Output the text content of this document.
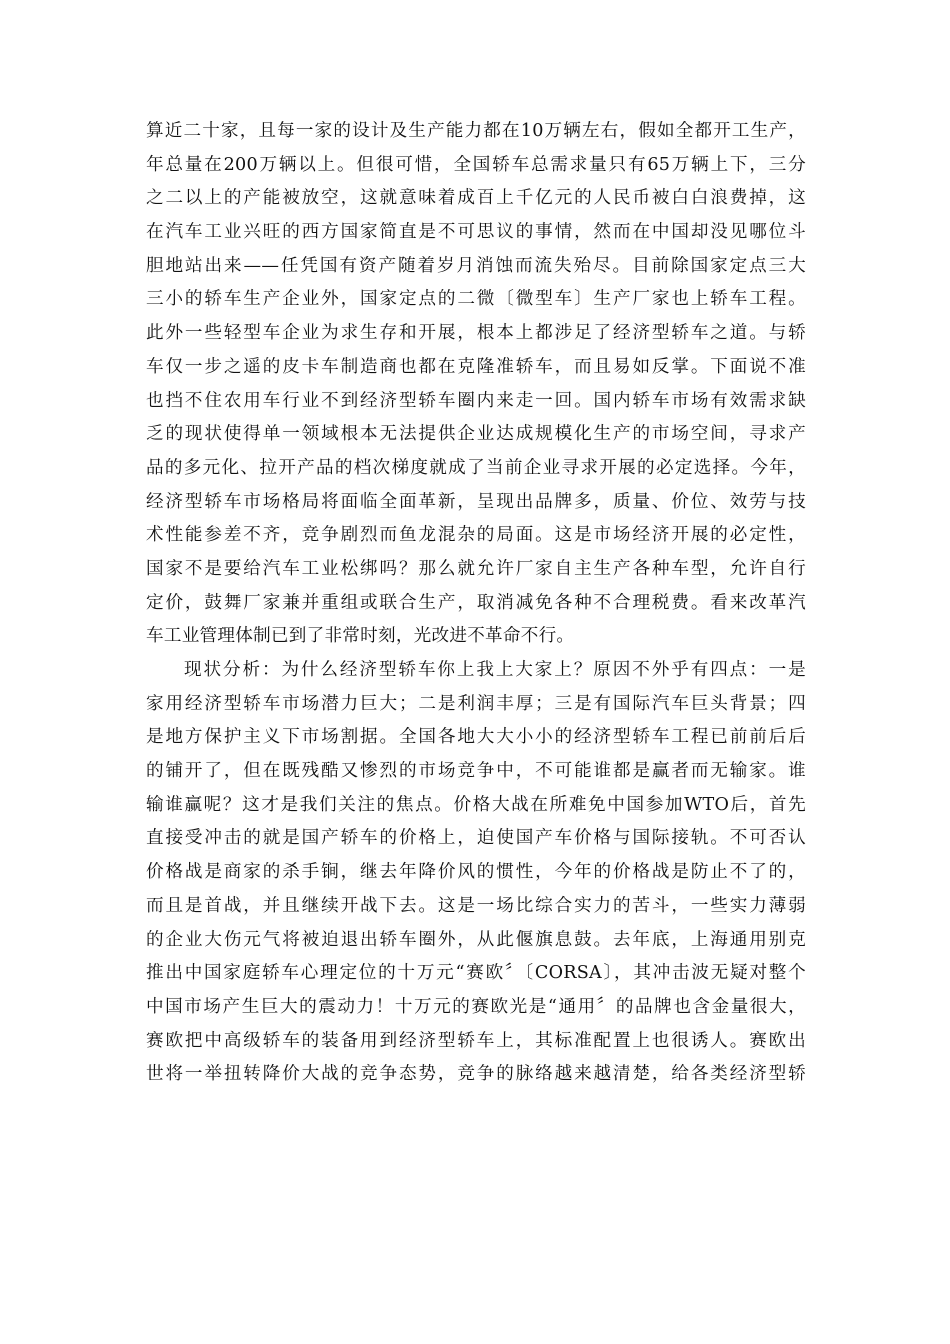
算近二十家，且每一家的设计及生产能力都在10万辆左右，假如全都开工生产，
年总量在200万辆以上。但很可惜，全国轿车总需求量只有65万辆上下，三分
之二以上的产能被放空，这就意味着成百上千亿元的人民币被白白浪费掉，这
在汽车工业兴旺的西方国家简直是不可思议的事情，然而在中国却没见哪位斗
胆地站出来——任凭国有资产随着岁月消蚀而流失殆尽。目前除国家定点三大
三小的轿车生产企业外，国家定点的二微〔微型车〕生产厂家也上轿车工程。
此外一些轻型车企业为求生存和开展，根本上都涉足了经济型轿车之道。与轿
车仅一步之遥的皮卡车制造商也都在克隆准轿车，而且易如反掌。下面说不准
也挡不住农用车行业不到经济型轿车圈内来走一回。国内轿车市场有效需求缺
乏的现状使得单一领域根本无法提供企业达成规模化生产的市场空间，寻求产
品的多元化、拉开产品的档次梯度就成了当前企业寻求开展的必定选择。今年，
经济型轿车市场格局将面临全面革新，呈现出品牌多，质量、价位、效劳与技
术性能参差不齐，竞争剧烈而鱼龙混杂的局面。这是市场经济开展的必定性，
国家不是要给汽车工业松绑吗？那么就允许厂家自主生产各种车型，允许自行
定价，鼓舞厂家兼并重组或联合生产，取消减免各种不合理税费。看来改革汽
车工业管理体制已到了非常时刻，光改进不革命不行。
现状分析：为什么经济型轿车你上我上大家上？原因不外乎有四点：一是
家用经济型轿车市场潜力巨大；二是利润丰厚；三是有国际汽车巨头背景；四
是地方保护主义下市场割据。全国各地大大小小的经济型轿车工程已前前后后
的铺开了，但在既残酷又惨烈的市场竞争中，不可能谁都是赢者而无输家。谁
输谁赢呢？这才是我们关注的焦点。价格大战在所难免中国参加WTO后，首先
直接受冲击的就是国产轿车的价格上，迫使国产车价格与国际接轨。不可否认
价格战是商家的杀手锏，继去年降价风的惯性，今年的价格战是防止不了的，
而且是首战，并且继续开战下去。这是一场比综合实力的苦斗，一些实力薄弱
的企业大伤元气将被迫退出轿车圈外，从此偃旗息鼓。去年底，上海通用别克
推出中国家庭轿车心理定位的十万元“赛欧〞〔CORSA〕，其冲击波无疑对整个
中国市场产生巨大的震动力！十万元的赛欧光是“通用〞的品牌也含金量很大，
赛欧把中高级轿车的装备用到经济型轿车上，其标准配置上也很诱人。赛欧出
世将一举扭转降价大战的竞争态势，竞争的脉络越来越清楚，给各类经济型轿
